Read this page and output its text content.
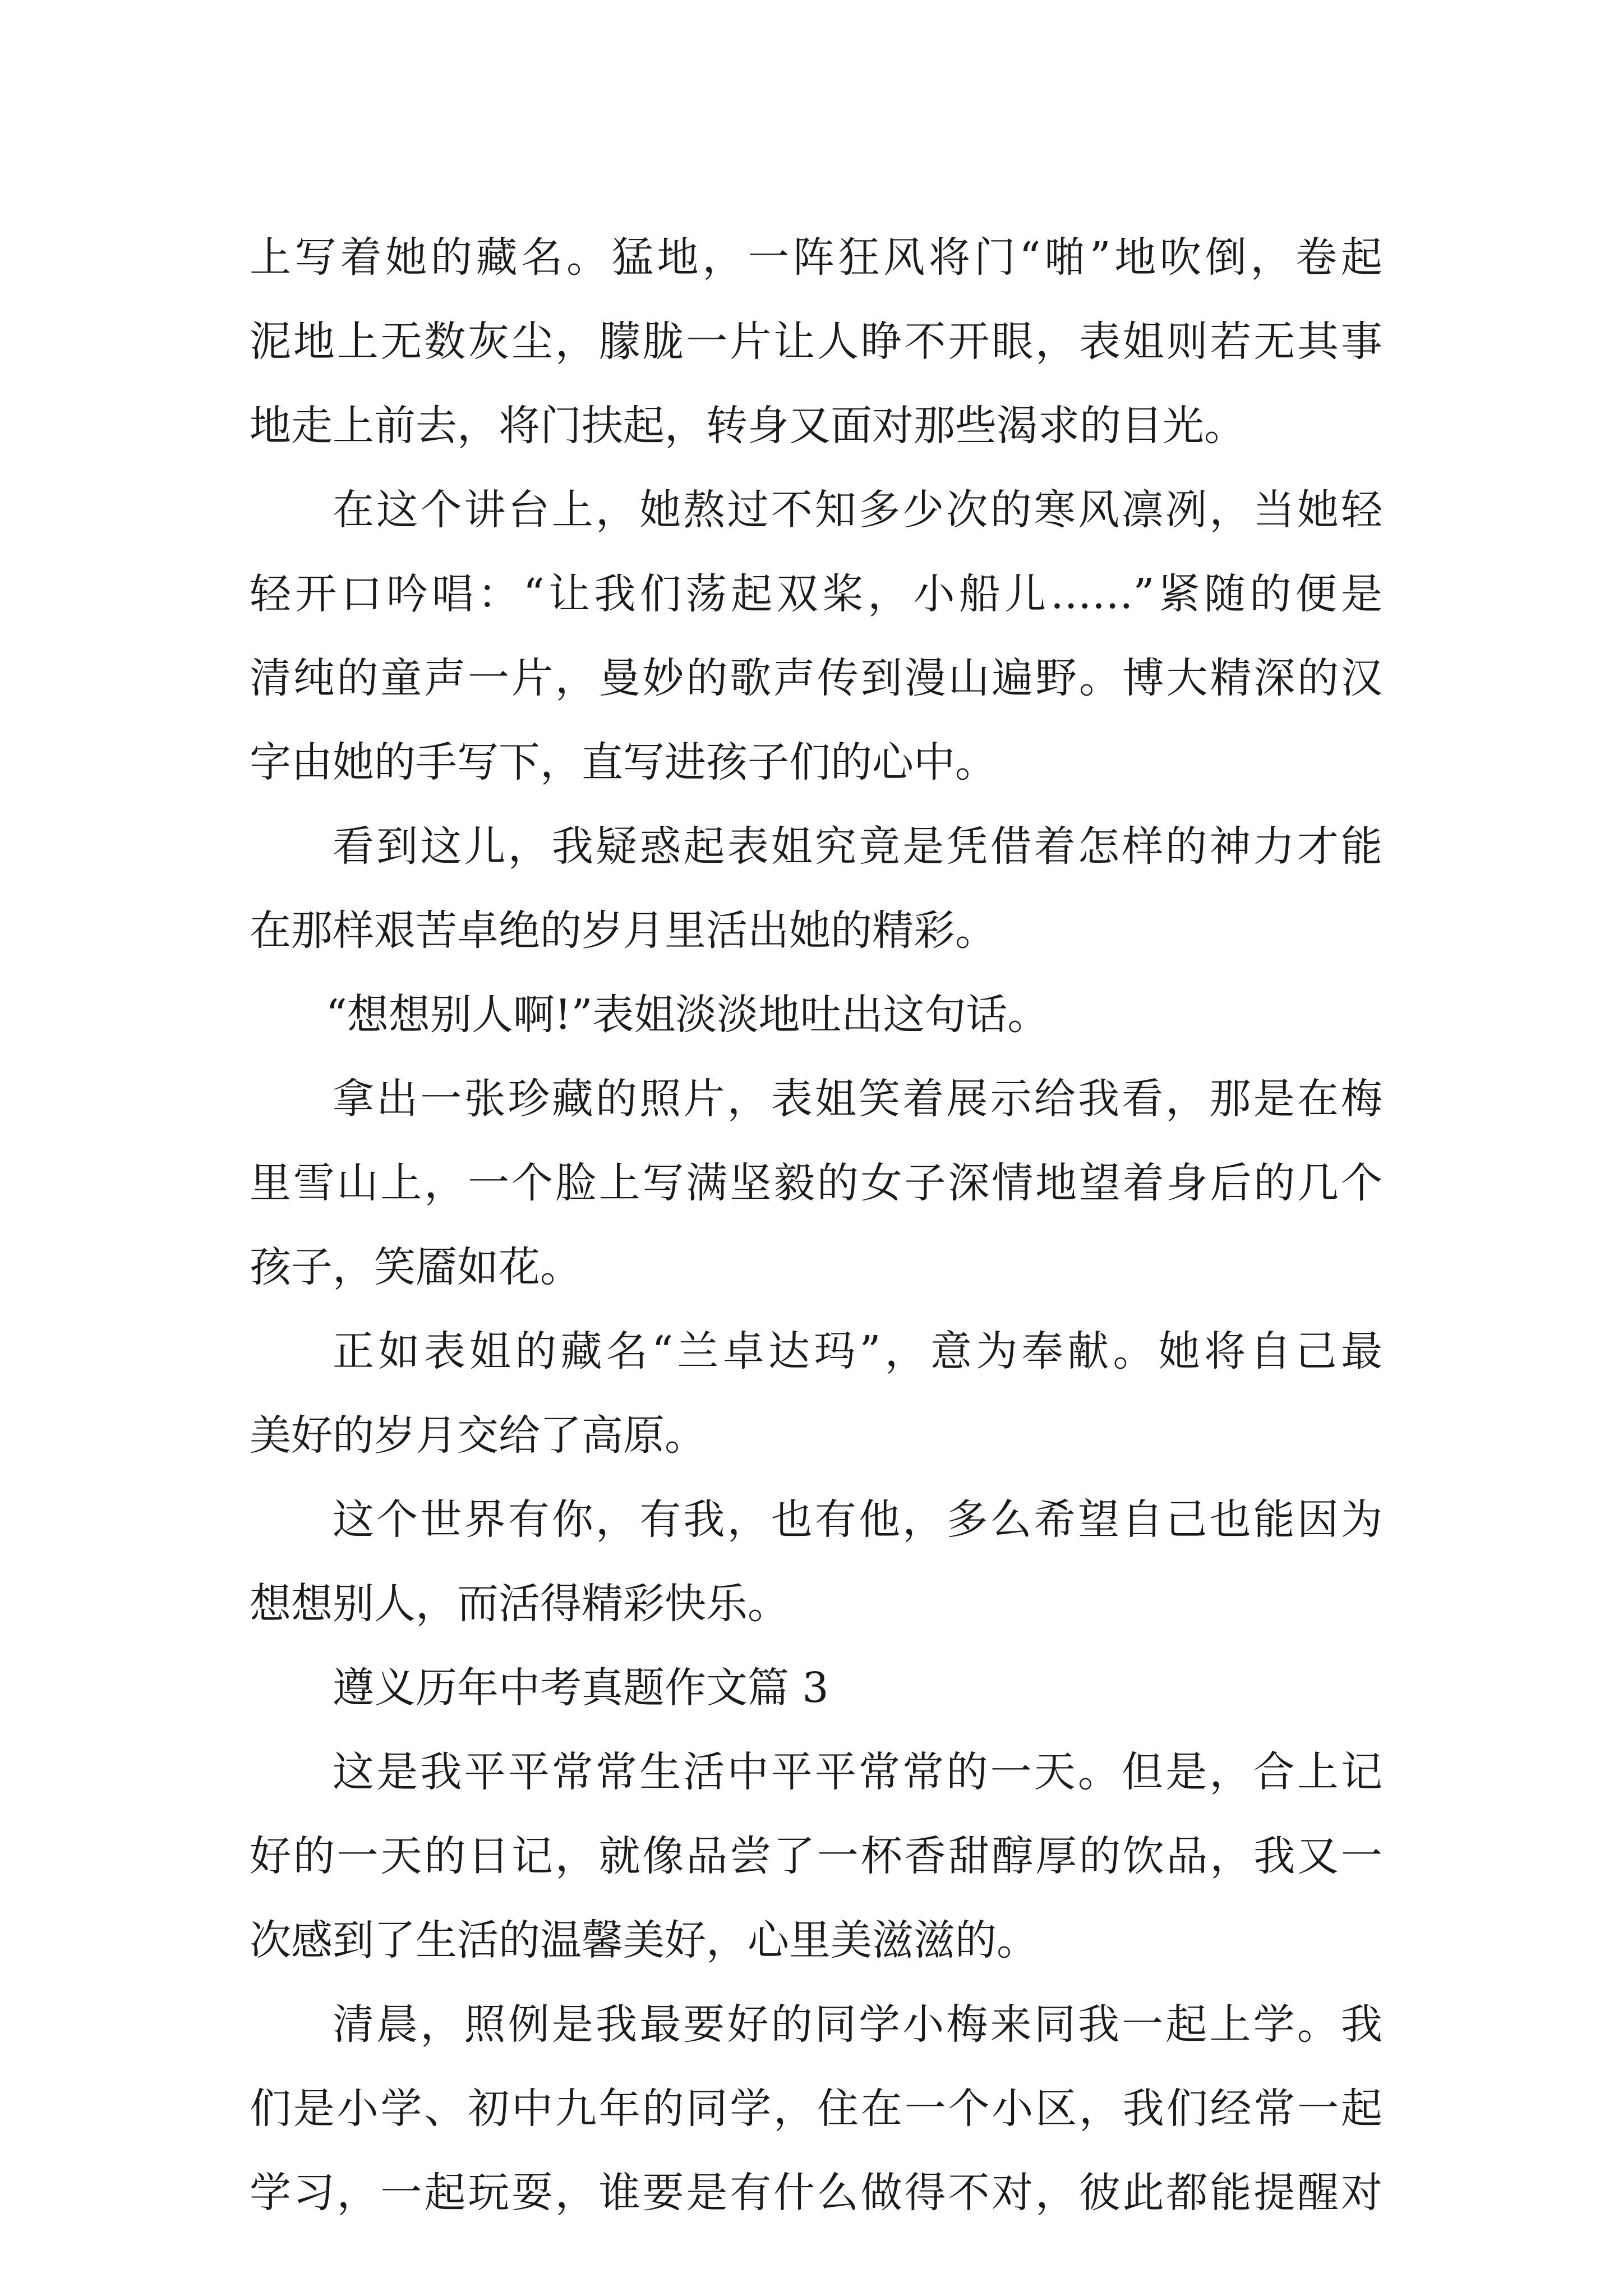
上写着她的藏名。猛地，一阵狂风将门“啪”地吹倒，卷起
泥地上无数灰尘，朦胧一片让人睁不开眼，表姐则若无其事
地走上前去，将门扶起，转身又面对那些渴求的目光。
在这个讲台上，她熬过不知多少次的寒风凛冽，当她轻
轻开口吟唱：“让我们荡起双桨，小船儿……”紧随的便是
清纯的童声一片，曼妙的歌声传到漫山遍野。博大精深的汉
字由她的手写下，直写进孩子们的心中。
看到这儿，我疑惑起表姐究竟是凭借着怎样的神力才能
在那样艰苦卓绝的岁月里活出她的精彩。
“想想别人啊!”表姐淡淡地吐出这句话。
拿出一张珍藏的照片，表姐笑着展示给我看，那是在梅
里雪山上，一个脸上写满坚毅的女子深情地望着身后的几个
孩子，笑靥如花。
正如表姐的藏名“兰卓达玛”，意为奉献。她将自己最
美好的岁月交给了高原。
这个世界有你，有我，也有他，多么希望自己也能因为
想想别人，而活得精彩快乐。
遵义历年中考真题作文篇 3
这是我平平常常生活中平平常常的一天。但是，合上记
好的一天的日记，就像品尝了一杯香甜醇厚的饮品，我又一
次感到了生活的温馨美好，心里美滋滋的。
清晨，照例是我最要好的同学小梅来同我一起上学。我
们是小学、初中九年的同学，住在一个小区，我们经常一起
学习，一起玩耍，谁要是有什么做得不对，彼此都能提醒对
